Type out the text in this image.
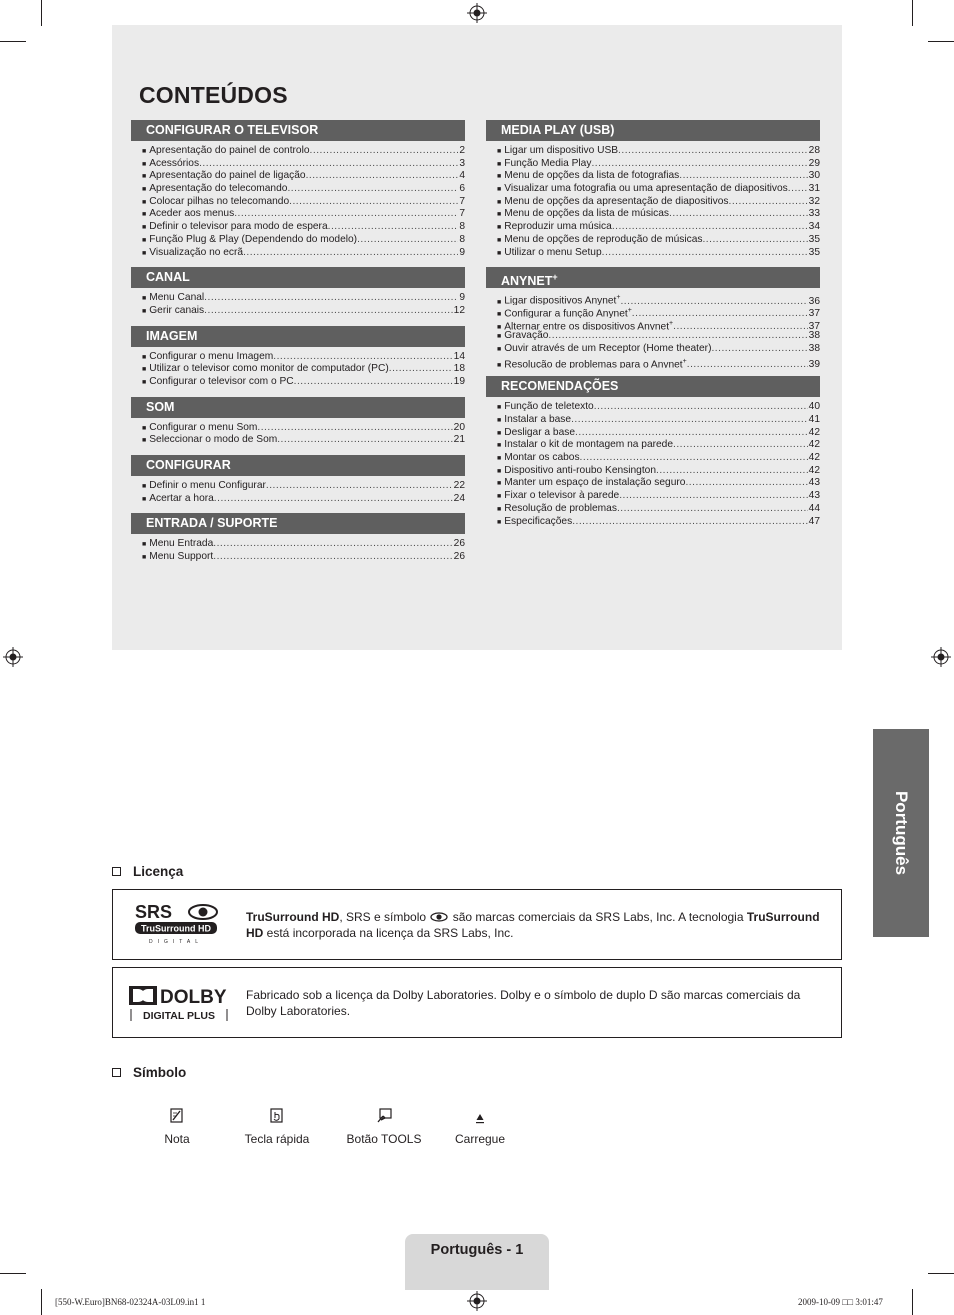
CONTEÚDOS
CONFIGURAR O TELEVISOR
■ Apresentação do painel de controlo .....	2
■ Acessórios .....	3
■ Apresentação do painel de ligação .....	4
■ Apresentação do telecomando .....	6
■ Colocar pilhas no telecomando .....	7
■ Aceder aos menus .....	7
■ Definir o televisor para modo de espera .....	8
■ Função Plug & Play (Dependendo do modelo) .....	8
■ Visualização no ecrã .....	9
CANAL
■ Menu Canal .....	9
■ Gerir canais .....	12
IMAGEM
■ Configurar o menu Imagem .....	14
■ Utilizar o televisor como monitor de computador (PC) .....	18
■ Configurar o televisor com o PC .....	19
SOM
■ Configurar o menu Som .....	20
■ Seleccionar o modo de Som .....	21
CONFIGURAR
■ Definir o menu Configurar .....	22
■ Acertar a hora .....	24
ENTRADA / SUPORTE
■ Menu Entrada .....	26
■ Menu Support .....	26
MEDIA PLAY (USB)
■ Ligar um dispositivo USB .....	28
■ Função Media Play .....	29
■ Menu de opções da lista de fotografias .....	30
■ Visualizar uma fotografia ou uma apresentação de diapositivos ..... 31
■ Menu de opções da apresentação de diapositivos .....	32
■ Menu de opções da lista de músicas .....	33
■ Reproduzir uma música .....	34
■ Menu de opções de reprodução de músicas .....	35
■ Utilizar o menu Setup .....	35
ANYNET+
■ Ligar dispositivos Anynet+ .....	36
■ Configurar a função Anynet+ .....	37
■ Alternar entre os dispositivos Anynet+ .....	37
■ Gravação .....	38
■ Ouvir através de um Receptor (Home theater) .....	38
■ Resolução de problemas para o Anynet+ .....	39
RECOMENDAÇÕES
■ Função de teletexto .....	40
■ Instalar a base .....	41
■ Desligar a base .....	42
■ Instalar o kit de montagem na parede .....	42
■ Montar os cabos .....	42
■ Dispositivo anti-roubo Kensington .....	42
■ Manter um espaço de instalação seguro .....	43
■ Fixar o televisor à parede .....	43
■ Resolução de problemas .....	44
■ Especificações .....	47
Português
Licença
SRS
TruSurround HD
DIGITAL
TruSurround HD, SRS e símbolo  são marcas comerciais da SRS Labs, Inc. A tecnologia TruSurround HD está incorporada na licença da SRS Labs, Inc.
DOLBY
DIGITAL PLUS
Fabricado sob a licença da Dolby Laboratories. Dolby e o símbolo de duplo D são marcas comerciais da Dolby Laboratories.
Símbolo
Nota	Tecla rápida	Botão TOOLS	Carregue
Português - 1
[550-W.Euro]BN68-02324A-03L09.in1 1	2009-10-09 □□ 3:01:47
